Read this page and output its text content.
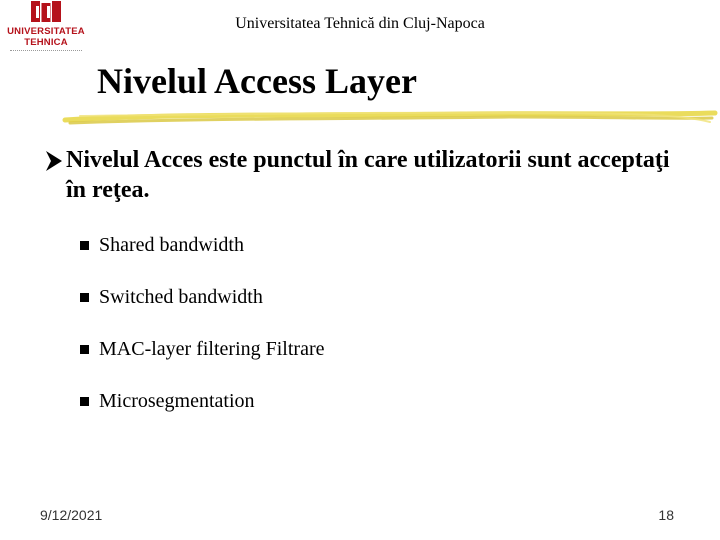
UNIVERSITATEA
TEHNICA
Universitatea Tehnică din Cluj-Napoca
Nivelul Access Layer
Nivelul Acces este punctul în care utilizatorii sunt acceptaţi în reţea.
Shared bandwidth
Switched bandwidth
MAC-layer filtering Filtrare
Microsegmentation
9/12/2021	18
